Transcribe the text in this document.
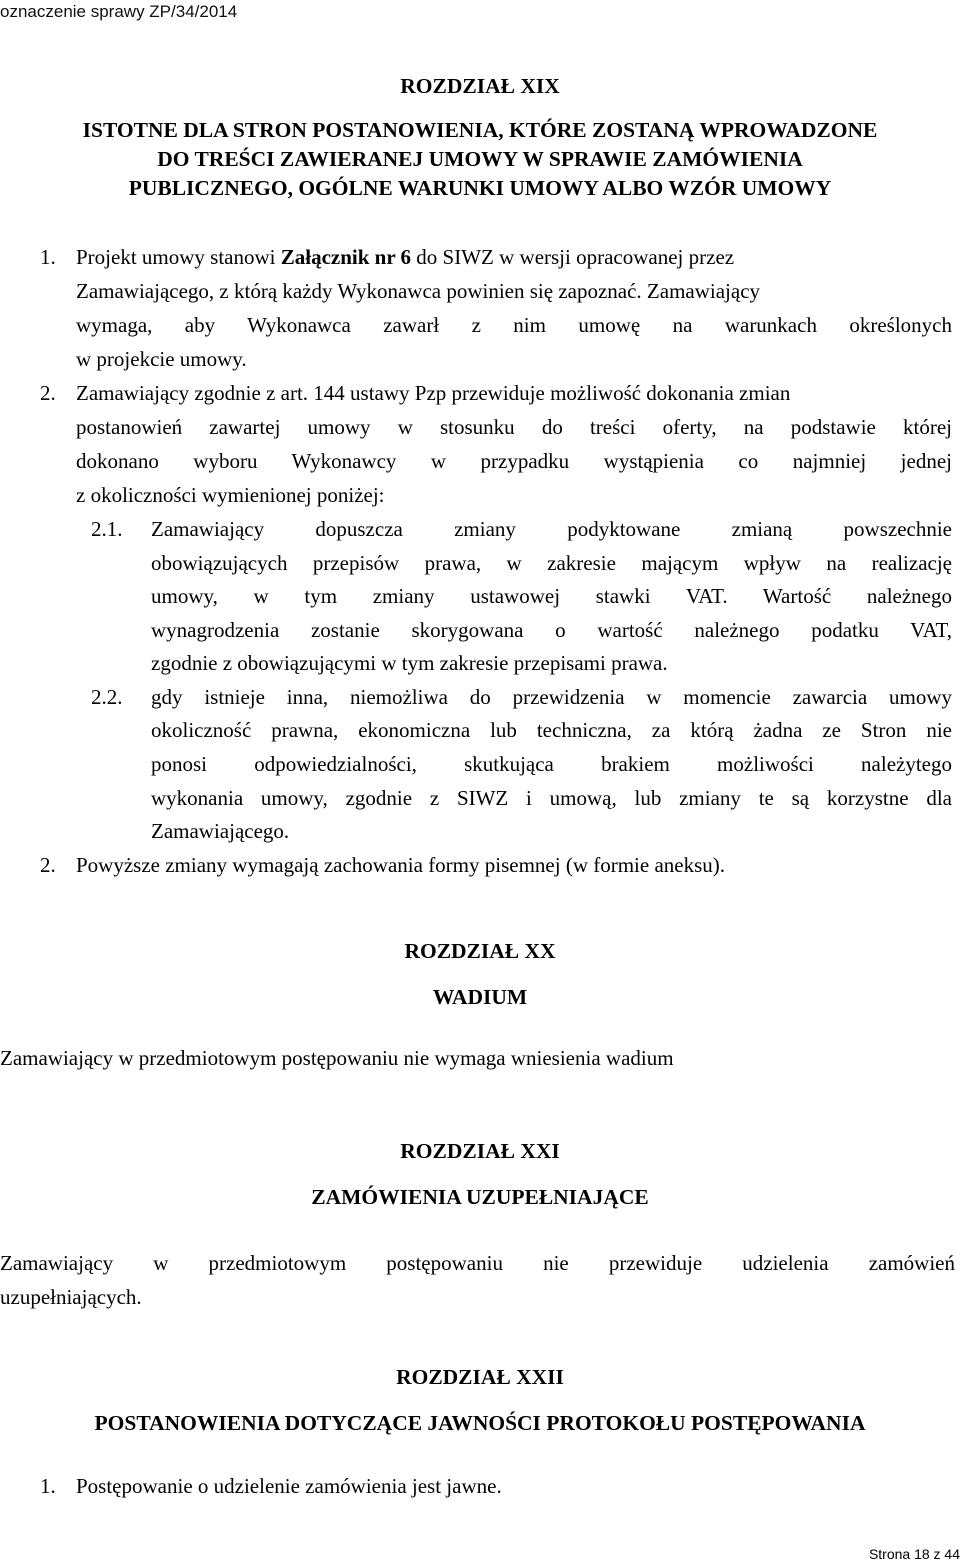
oznaczenie sprawy ZP/34/2014
ROZDZIAŁ XIX
ISTOTNE DLA STRON POSTANOWIENIA, KTÓRE ZOSTANĄ WPROWADZONE
DO TREŚCI ZAWIERANEJ UMOWY W SPRAWIE ZAMÓWIENIA
PUBLICZNEGO, OGÓLNE WARUNKI UMOWY ALBO WZÓR UMOWY
1. Projekt umowy stanowi Załącznik nr 6 do SIWZ w wersji opracowanej przez
Zamawiającego, z którą każdy Wykonawca powinien się zapoznać. Zamawiający
wymaga, aby Wykonawca zawarł z nim umowę na warunkach określonych
w projekcie umowy.
2. Zamawiający zgodnie z art. 144 ustawy Pzp przewiduje możliwość dokonania zmian
postanowień zawartej umowy w stosunku do treści oferty, na podstawie której
dokonano wyboru Wykonawcy w przypadku wystąpienia co najmniej jednej
z okoliczności wymienionej poniżej:
2.1. Zamawiający dopuszcza zmiany podyktowane zmianą powszechnie
obowiązujących przepisów prawa, w zakresie mającym wpływ na realizację
umowy, w tym zmiany ustawowej stawki VAT. Wartość należnego
wynagrodzenia zostanie skorygowana o wartość należnego podatku VAT,
zgodnie z obowiązującymi w tym zakresie przepisami prawa.
2.2. gdy istnieje inna, niemożliwa do przewidzenia w momencie zawarcia umowy
okoliczność prawna, ekonomiczna lub techniczna, za którą żadna ze Stron nie
ponosi odpowiedzialności, skutkująca brakiem możliwości należytego
wykonania umowy, zgodnie z SIWZ i umową, lub zmiany te są korzystne dla
Zamawiającego.
2. Powyższe zmiany wymagają zachowania formy pisemnej (w formie aneksu).
ROZDZIAŁ XX
WADIUM
Zamawiający w przedmiotowym postępowaniu nie wymaga wniesienia wadium
ROZDZIAŁ XXI
ZAMÓWIENIA UZUPEŁNIAJĄCE
Zamawiający w przedmiotowym postępowaniu nie przewiduje udzielenia zamówień
uzupełniających.
ROZDZIAŁ XXII
POSTANOWIENIA DOTYCZĄCE JAWNOŚCI PROTOKOŁU POSTĘPOWANIA
1. Postępowanie o udzielenie zamówienia jest jawne.
Strona 18 z 44
